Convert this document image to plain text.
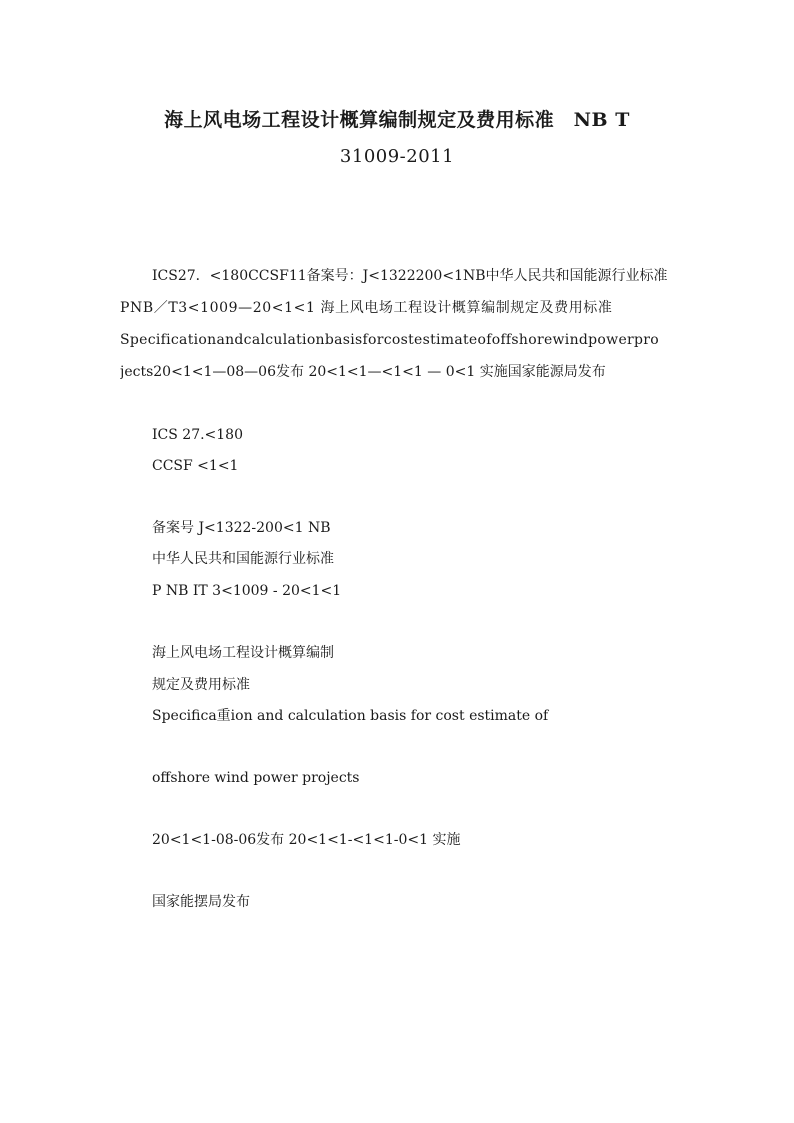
海上风电场工程设计概算编制规定及费用标准　NB T
31009-2011
ICS27．<180CCSF11备案号：J<1322200<1NB中华人民共和国能源行业标准
PNB／T3<1009—20<1<1 海上风电场工程设计概算编制规定及费用标准
Specificationandcalculationbasisforcostestimateofoffshorewindpowerpro
jects20<1<1—08—06发布 20<1<1—<1<1 — 0<1 实施国家能源局发布
ICS 27.<180
CCSF <1<1
备案号 J<1322-200<1 NB
中华人民共和国能源行业标准
P NB IT 3<1009 - 20<1<1
海上风电场工程设计概算编制
规定及费用标准
Specifica重ion and calculation basis for cost estimate of
offshore wind power projects
20<1<1-08-06发布 20<1<1-<1<1-0<1 实施
国家能摆局发布
